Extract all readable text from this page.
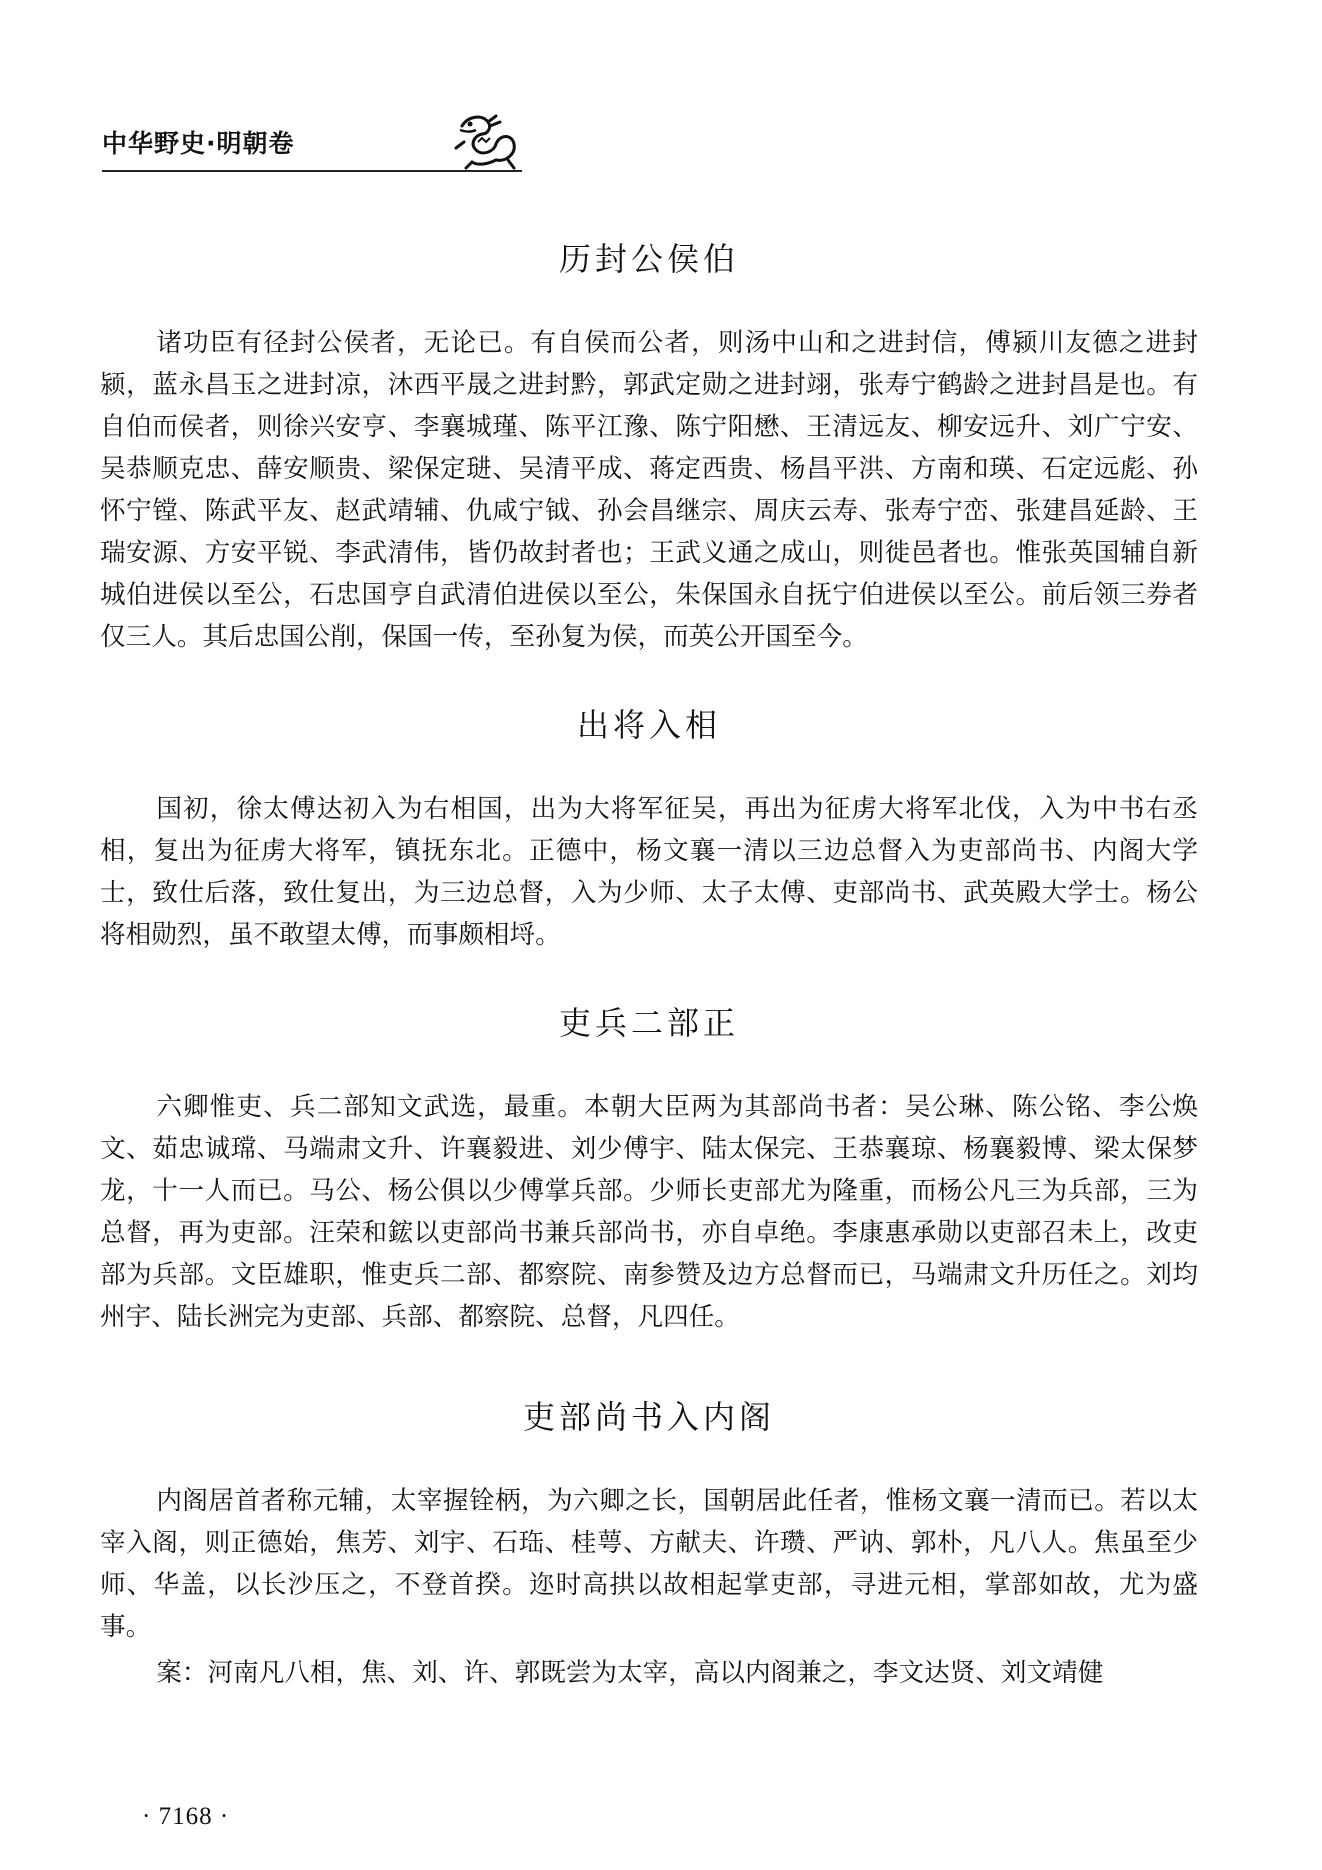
中华野史·明朝卷
历封公侯伯

诸功臣有径封公侯者，无论已。有自侯而公者，则汤中山和之进封信，傅颍川友德之进封颍，蓝永昌玉之进封凉，沐西平晟之进封黔，郭武定勋之进封翊，张寿宁鹤龄之进封昌是也。有自伯而侯者，则徐兴安亨、李襄城瑾、陈平江豫、陈宁阳懋、王清远友、柳安远升、刘广宁安、吴恭顺克忠、薛安顺贵、梁保定琎、吴清平成、蒋定西贵、杨昌平洪、方南和瑛、石定远彪、孙怀宁镗、陈武平友、赵武靖辅、仇咸宁钺、孙会昌继宗、周庆云寿、张寿宁峦、张建昌延龄、王瑞安源、方安平锐、李武清伟，皆仍故封者也；王武义通之成山，则徙邑者也。惟张英国辅自新城伯进侯以至公，石忠国亨自武清伯进侯以至公，朱保国永自抚宁伯进侯以至公。前后领三券者仅三人。其后忠国公削，保国一传，至孙复为侯，而英公开国至今。

出将入相

国初，徐太傅达初入为右相国，出为大将军征吴，再出为征虏大将军北伐，入为中书右丞相，复出为征虏大将军，镇抚东北。正德中，杨文襄一清以三边总督入为吏部尚书、内阁大学士，致仕后落，致仕复出，为三边总督，入为少师、太子太傅、吏部尚书、武英殿大学士。杨公将相勋烈，虽不敢望太傅，而事颇相埒。

吏兵二部正

六卿惟吏、兵二部知文武选，最重。本朝大臣两为其部尚书者：吴公琳、陈公铭、李公焕文、茹忠诚瑺、马端肃文升、许襄毅进、刘少傅宇、陆太保完、王恭襄琼、杨襄毅博、梁太保梦龙，十一人而已。马公、杨公俱以少傅掌兵部。少师长吏部尤为隆重，而杨公凡三为兵部，三为总督，再为吏部。汪荣和鋐以吏部尚书兼兵部尚书，亦自卓绝。李康惠承勋以吏部召未上，改吏部为兵部。文臣雄职，惟吏兵二部、都察院、南参赞及边方总督而已，马端肃文升历任之。刘均州宇、陆长洲完为吏部、兵部、都察院、总督，凡四任。

吏部尚书入内阁

内阁居首者称元辅，太宰握铨柄，为六卿之长，国朝居此任者，惟杨文襄一清而已。若以太宰入阁，则正德始，焦芳、刘宇、石珤、桂萼、方献夫、许瓒、严讷、郭朴，凡八人。焦虽至少师、华盖，以长沙压之，不登首揆。迩时高拱以故相起掌吏部，寻进元相，掌部如故，尤为盛事。

案：河南凡八相，焦、刘、许、郭既尝为太宰，高以内阁兼之，李文达贤、刘文靖健

· 7168 ·
